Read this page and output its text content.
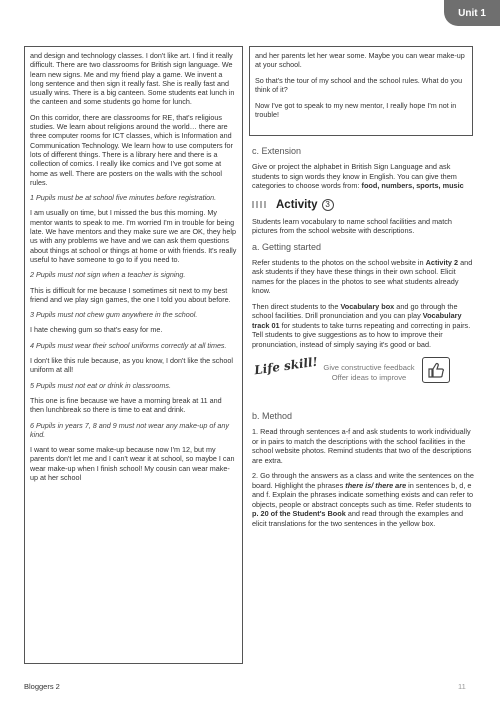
Unit 1

and design and technology classes. I don't like art. I find it really difficult. There are two classrooms for British sign language. We learn new signs. Me and my friend play a game. We invent a long sentence and then sign it really fast. She is really fast and usually wins. There is a big canteen. Some students eat lunch in the canteen and some students go home for lunch.

On this corridor, there are classrooms for RE, that's religious studies. We learn about religions around the world… there are three computer rooms for ICT classes, which is Information and Communication Technology. We learn how to use computers for lots of different things. There is a library here and there is a collection of comics. I really like comics and I've got some at home as well. There are posters on the walls with the school rules.

1 Pupils must be at school five minutes before registration.

I am usually on time, but I missed the bus this morning. My mentor wants to speak to me. I'm worried I'm in trouble for being late. We have mentors and they make sure we are OK, they help us with any problems we have and we can ask them questions about things at school or things at home or with friends. It's really useful to have someone to go to if you need to.

2 Pupils must not sign when a teacher is signing.

This is difficult for me because I sometimes sit next to my best friend and we play sign games, the one I told you about before.

3 Pupils must not chew gum anywhere in the school.

I hate chewing gum so that's easy for me.

4 Pupils must wear their school uniforms correctly at all times.

I don't like this rule because, as you know, I don't like the school uniform at all!

5 Pupils must not eat or drink in classrooms.

This one is fine because we have a morning break at 11 and then lunchbreak so there is time to eat and drink.

6 Pupils in years 7, 8 and 9 must not wear any make-up of any kind.

I want to wear some make-up because now I'm 12, but my parents don't let me and I can't wear it at school, so maybe I can wear make-up when I finish school! My cousin can wear make-up at her school

and her parents let her wear some. Maybe you can wear make-up at your school.

So that's the tour of my school and the school rules. What do you think of it?

Now I've got to speak to my new mentor, I really hope I'm not in trouble!

c. Extension

Give or project the alphabet in British Sign Language and ask students to sign words they know in English. You can give them categories to choose words from: food, numbers, sports, music

Activity 3

Students learn vocabulary to name school facilities and match pictures from the school website with descriptions.

a. Getting started

Refer students to the photos on the school website in Activity 2 and ask students if they have these things in their own school. Elicit names for the places in the photos to see what students already know.

Then direct students to the Vocabulary box and go through the school facilities. Drill pronunciation and you can play Vocabulary track 01 for students to take turns repeating and correcting in pairs. Tell students to give suggestions as to how to improve their pronunciation, instead of simply saying it's good or bad.

Life skill! Give constructive feedback
Offer ideas to improve
b. Method

1. Read through sentences a-f and ask students to work individually or in pairs to match the descriptions with the school facilities in the school website photos. Remind students that two of the descriptions are extra.

2. Go through the answers as a class and write the sentences on the board. Highlight the phrases there is/ there are in sentences b, d, e and f. Explain the phrases indicate something exists and can refer to objects, people or abstract concepts such as time. Refer students to p. 20 of the Student's Book and read through the examples and elicit translations for the two sentences in the yellow box.

Bloggers 2	11
